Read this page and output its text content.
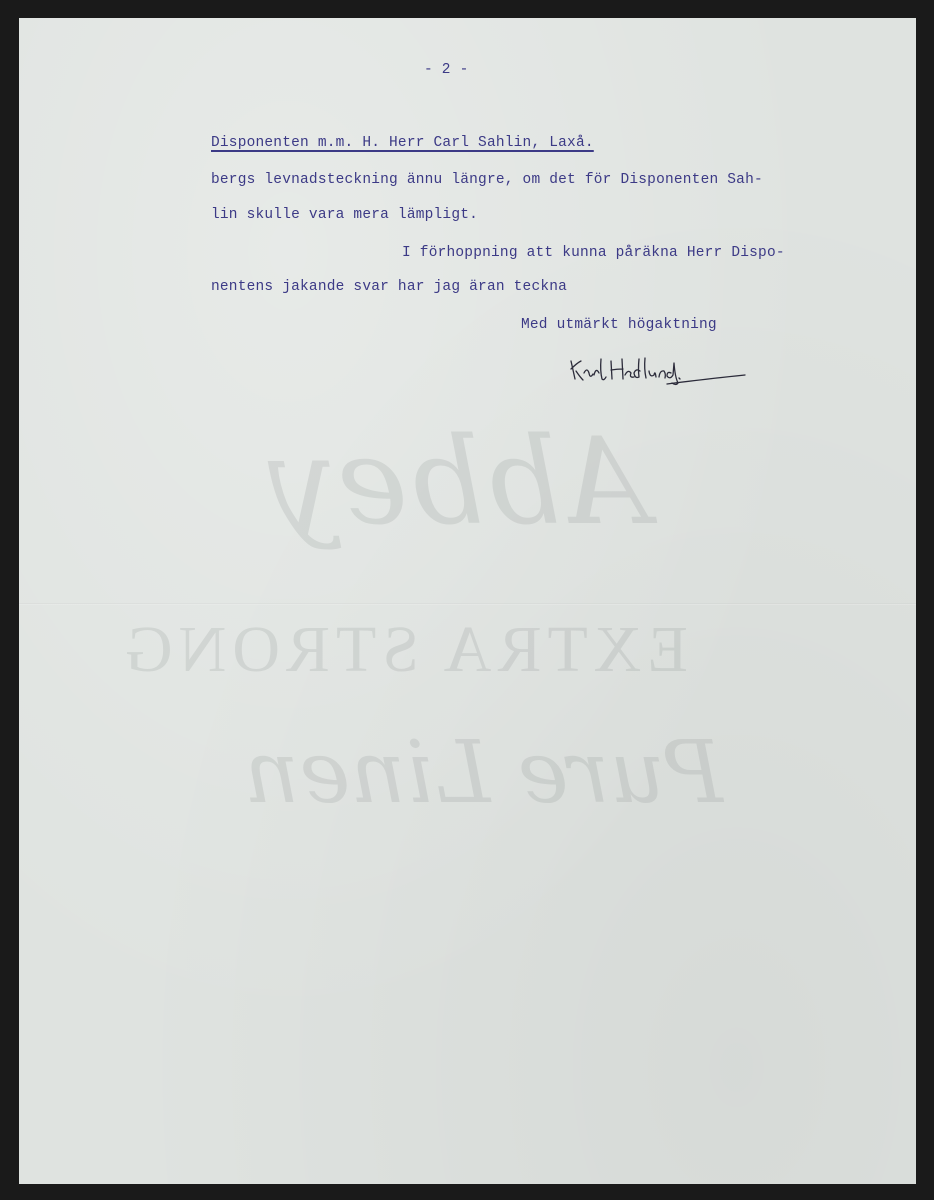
Abbey
EXTRA STRONG
Pure Linen
- 2 -
Disponenten m.m. H. Herr Carl Sahlin, Laxå.
bergs levnadsteckning ännu längre, om det för Disponenten Sah-
lin skulle vara mera lämpligt.
I förhoppning att kunna påräkna Herr Dispo-
nentens jakande svar har jag äran teckna
Med utmärkt högaktning
